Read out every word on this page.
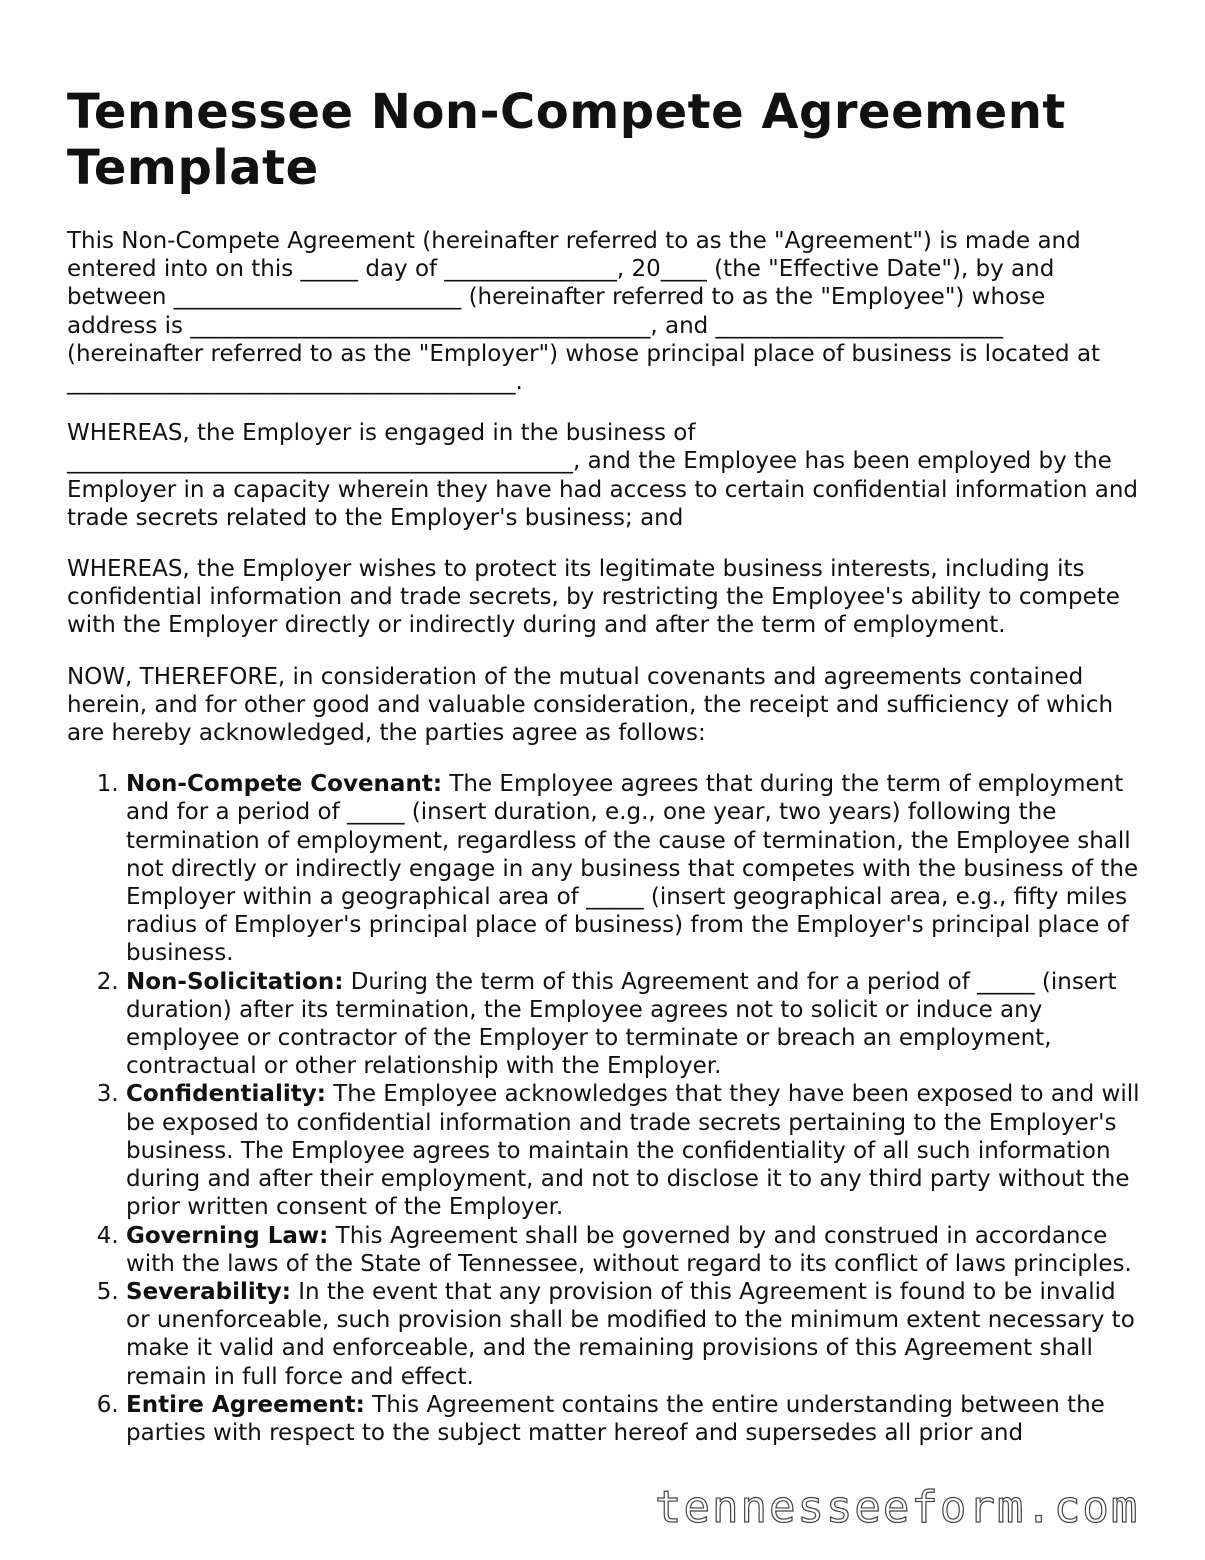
Tennessee Non-Compete Agreement Template

This Non-Compete Agreement (hereinafter referred to as the "Agreement") is made and entered into on this _____ day of _______________, 20____ (the "Effective Date"), by and between _________________________ (hereinafter referred to as the "Employee") whose address is ________________________________________, and _________________________ (hereinafter referred to as the "Employer") whose principal place of business is located at _______________________________________.

WHEREAS, the Employer is engaged in the business of ____________________________________________, and the Employee has been employed by the Employer in a capacity wherein they have had access to certain confidential information and trade secrets related to the Employer's business; and

WHEREAS, the Employer wishes to protect its legitimate business interests, including its confidential information and trade secrets, by restricting the Employee's ability to compete with the Employer directly or indirectly during and after the term of employment.

NOW, THEREFORE, in consideration of the mutual covenants and agreements contained herein, and for other good and valuable consideration, the receipt and sufficiency of which are hereby acknowledged, the parties agree as follows:

1. Non-Compete Covenant: The Employee agrees that during the term of employment and for a period of _____ (insert duration, e.g., one year, two years) following the termination of employment, regardless of the cause of termination, the Employee shall not directly or indirectly engage in any business that competes with the business of the Employer within a geographical area of _____ (insert geographical area, e.g., fifty miles radius of Employer's principal place of business) from the Employer's principal place of business.
2. Non-Solicitation: During the term of this Agreement and for a period of _____ (insert duration) after its termination, the Employee agrees not to solicit or induce any employee or contractor of the Employer to terminate or breach an employment, contractual or other relationship with the Employer.
3. Confidentiality: The Employee acknowledges that they have been exposed to and will be exposed to confidential information and trade secrets pertaining to the Employer's business. The Employee agrees to maintain the confidentiality of all such information during and after their employment, and not to disclose it to any third party without the prior written consent of the Employer.
4. Governing Law: This Agreement shall be governed by and construed in accordance with the laws of the State of Tennessee, without regard to its conflict of laws principles.
5. Severability: In the event that any provision of this Agreement is found to be invalid or unenforceable, such provision shall be modified to the minimum extent necessary to make it valid and enforceable, and the remaining provisions of this Agreement shall remain in full force and effect.
6. Entire Agreement: This Agreement contains the entire understanding between the parties with respect to the subject matter hereof and supersedes all prior and
tennesseeform.com
